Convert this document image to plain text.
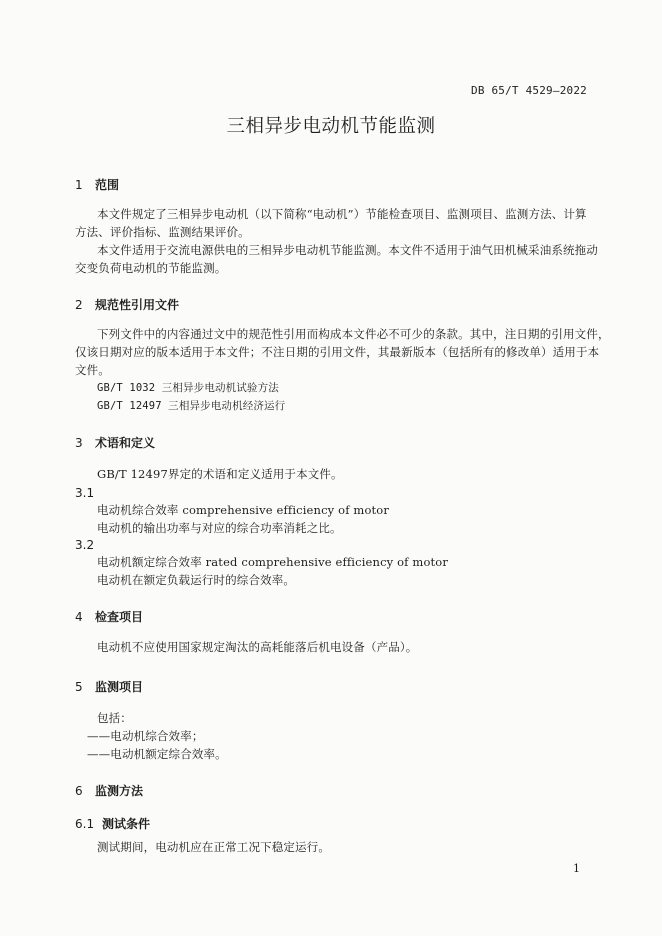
DB 65/T 4529—2022
三相异步电动机节能监测
1 范围
本文件规定了三相异步电动机（以下简称“电动机”）节能检查项目、监测项目、监测方法、计算
方法、评价指标、监测结果评价。
本文件适用于交流电源供电的三相异步电动机节能监测。本文件不适用于油气田机械采油系统拖动
交变负荷电动机的节能监测。
2 规范性引用文件
下列文件中的内容通过文中的规范性引用而构成本文件必不可少的条款。其中，注日期的引用文件，
仅该日期对应的版本适用于本文件；不注日期的引用文件，其最新版本（包括所有的修改单）适用于本
文件。
GB/T 1032 三相异步电动机试验方法
GB/T 12497 三相异步电动机经济运行
3 术语和定义
GB/T 12497界定的术语和定义适用于本文件。
3.1
电动机综合效率 comprehensive efficiency of motor
电动机的输出功率与对应的综合功率消耗之比。
3.2
电动机额定综合效率 rated comprehensive efficiency of motor
电动机在额定负载运行时的综合效率。
4 检查项目
电动机不应使用国家规定淘汰的高耗能落后机电设备（产品）。
5 监测项目
包括：
——电动机综合效率；
——电动机额定综合效率。
6 监测方法
6.1 测试条件
测试期间，电动机应在正常工况下稳定运行。
1
